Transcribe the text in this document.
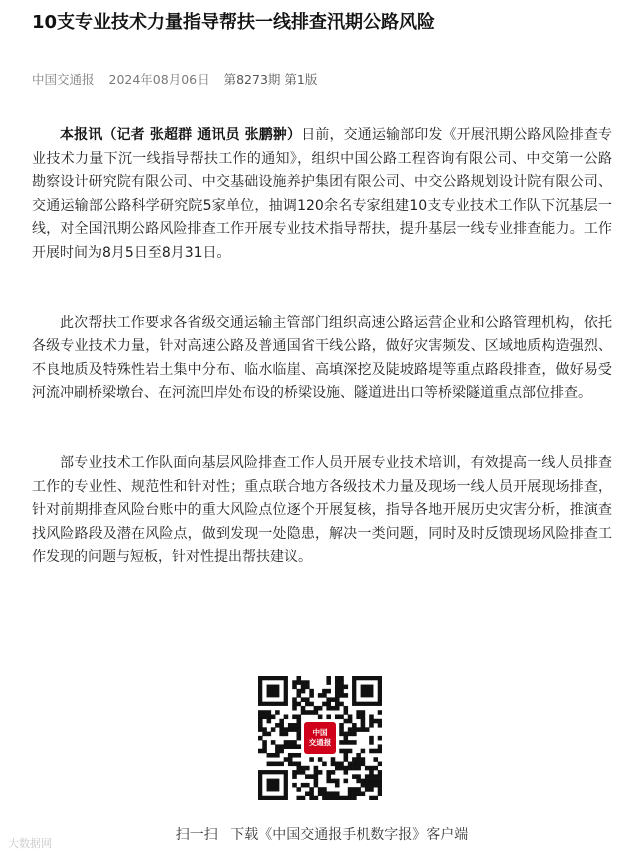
10支专业技术力量指导帮扶一线排查汛期公路风险
中国交通报 2024年08月06日 第8273期 第1版

本报讯（记者 张超群 通讯员 张鹏翀）日前，交通运输部印发《开展汛期公路风险排查专业技术力量下沉一线指导帮扶工作的通知》，组织中国公路工程咨询有限公司、中交第一公路勘察设计研究院有限公司、中交基础设施养护集团有限公司、中交公路规划设计院有限公司、交通运输部公路科学研究院5家单位，抽调120余名专家组建10支专业技术工作队下沉基层一线，对全国汛期公路风险排查工作开展专业技术指导帮扶，提升基层一线专业排查能力。工作开展时间为8月5日至8月31日。

此次帮扶工作要求各省级交通运输主管部门组织高速公路运营企业和公路管理机构，依托各级专业技术力量，针对高速公路及普通国省干线公路，做好灾害频发、区域地质构造强烈、不良地质及特殊性岩土集中分布、临水临崖、高填深挖及陡坡路堤等重点路段排查，做好易受河流冲刷桥梁墩台、在河流凹岸处布设的桥梁设施、隧道进出口等桥梁隧道重点部位排查。

部专业技术工作队面向基层风险排查工作人员开展专业技术培训，有效提高一线人员排查工作的专业性、规范性和针对性；重点联合地方各级技术力量及现场一线人员开展现场排查，针对前期排查风险台账中的重大风险点位逐个开展复核，指导各地开展历史灾害分析，推演查找风险路段及潜在风险点，做到发现一处隐患，解决一类问题，同时及时反馈现场风险排查工作发现的问题与短板，针对性提出帮扶建议。

中国
交通报
扫一扫 下载《中国交通报手机数字报》客户端
大数据网
